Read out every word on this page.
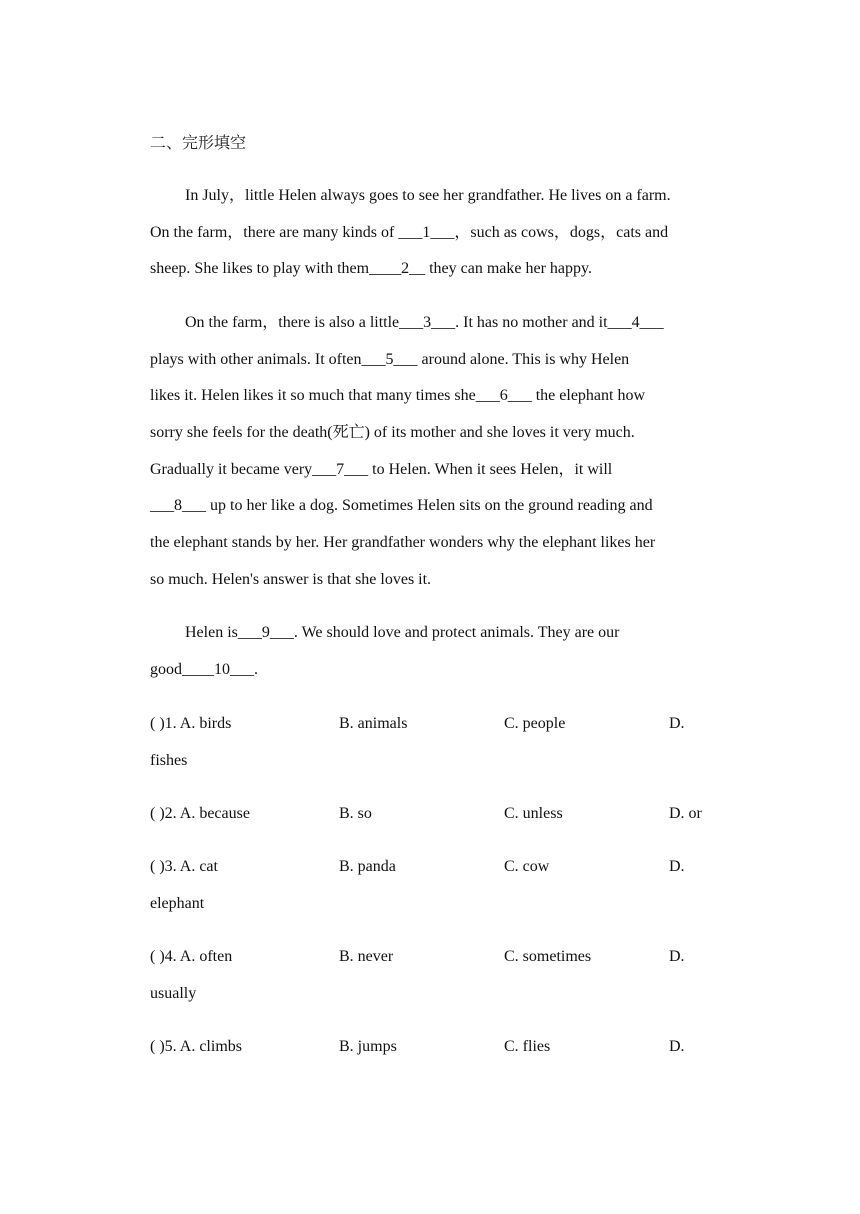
二、完形填空
In July，little Helen always goes to see her grandfather. He lives on a farm.
On the farm，there are many kinds of ___1___，such as cows，dogs，cats and
sheep. She likes to play with them____2__ they can make her happy.
On the farm，there is also a little___3___. It has no mother and it___4___
plays with other animals. It often___5___ around alone. This is why Helen
likes it. Helen likes it so much that many times she___6___ the elephant how
sorry she feels for the death(死亡) of its mother and she loves it very much.
Gradually it became very___7___ to Helen. When it sees Helen，it will
___8___ up to her like a dog. Sometimes Helen sits on the ground reading and
the elephant stands by her. Her grandfather wonders why the elephant likes her
so much. Helen's answer is that she loves it.
Helen is___9___. We should love and protect animals. They are our
good____10___.
( )1. A. birds	B. animals	C. people	D.
fishes
( )2. A. because	B. so	C. unless	D. or
( )3. A. cat	B. panda	C. cow	D.
elephant
( )4. A. often	B. never	C. sometimes	D.
usually
( )5. A. climbs	B. jumps	C. flies	D.
